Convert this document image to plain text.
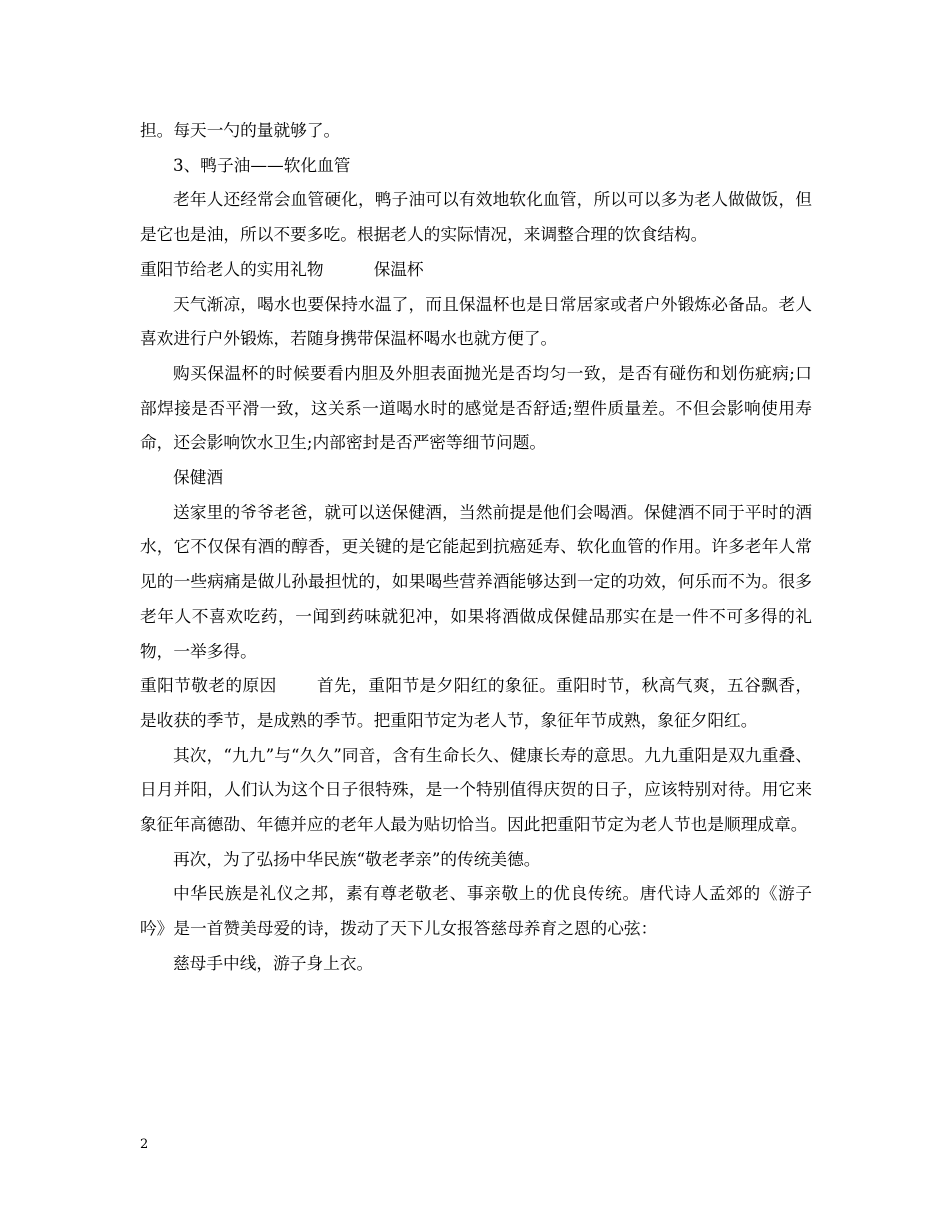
担。每天一勺的量就够了。

3、鸭子油——软化血管

老年人还经常会血管硬化，鸭子油可以有效地软化血管，所以可以多为老人做做饭，但是它也是油，所以不要多吃。根据老人的实际情况，来调整合理的饮食结构。

重阳节给老人的实用礼物	保温杯

天气渐凉，喝水也要保持水温了，而且保温杯也是日常居家或者户外锻炼必备品。老人喜欢进行户外锻炼，若随身携带保温杯喝水也就方便了。

购买保温杯的时候要看内胆及外胆表面抛光是否均匀一致，是否有碰伤和划伤疵病;口部焊接是否平滑一致，这关系一道喝水时的感觉是否舒适;塑件质量差。不但会影响使用寿命，还会影响饮水卫生;内部密封是否严密等细节问题。

保健酒

送家里的爷爷老爸，就可以送保健酒，当然前提是他们会喝酒。保健酒不同于平时的酒水，它不仅保有酒的醇香，更关键的是它能起到抗癌延寿、软化血管的作用。许多老年人常见的一些病痛是做儿孙最担忧的，如果喝些营养酒能够达到一定的功效，何乐而不为。很多老年人不喜欢吃药，一闻到药味就犯冲，如果将酒做成保健品那实在是一件不可多得的礼物，一举多得。

重阳节敬老的原因 首先，重阳节是夕阳红的象征。重阳时节，秋高气爽，五谷飘香，是收获的季节，是成熟的季节。把重阳节定为老人节，象征年节成熟，象征夕阳红。

其次，“九九”与“久久”同音，含有生命长久、健康长寿的意思。九九重阳是双九重叠、日月并阳，人们认为这个日子很特殊，是一个特别值得庆贺的日子，应该特别对待。用它来象征年高德劭、年德并应的老年人最为贴切恰当。因此把重阳节定为老人节也是顺理成章。

再次，为了弘扬中华民族“敬老孝亲”的传统美德。

中华民族是礼仪之邦，素有尊老敬老、事亲敬上的优良传统。唐代诗人孟郊的《游子吟》是一首赞美母爱的诗，拨动了天下儿女报答慈母养育之恩的心弦：

慈母手中线，游子身上衣。

2
